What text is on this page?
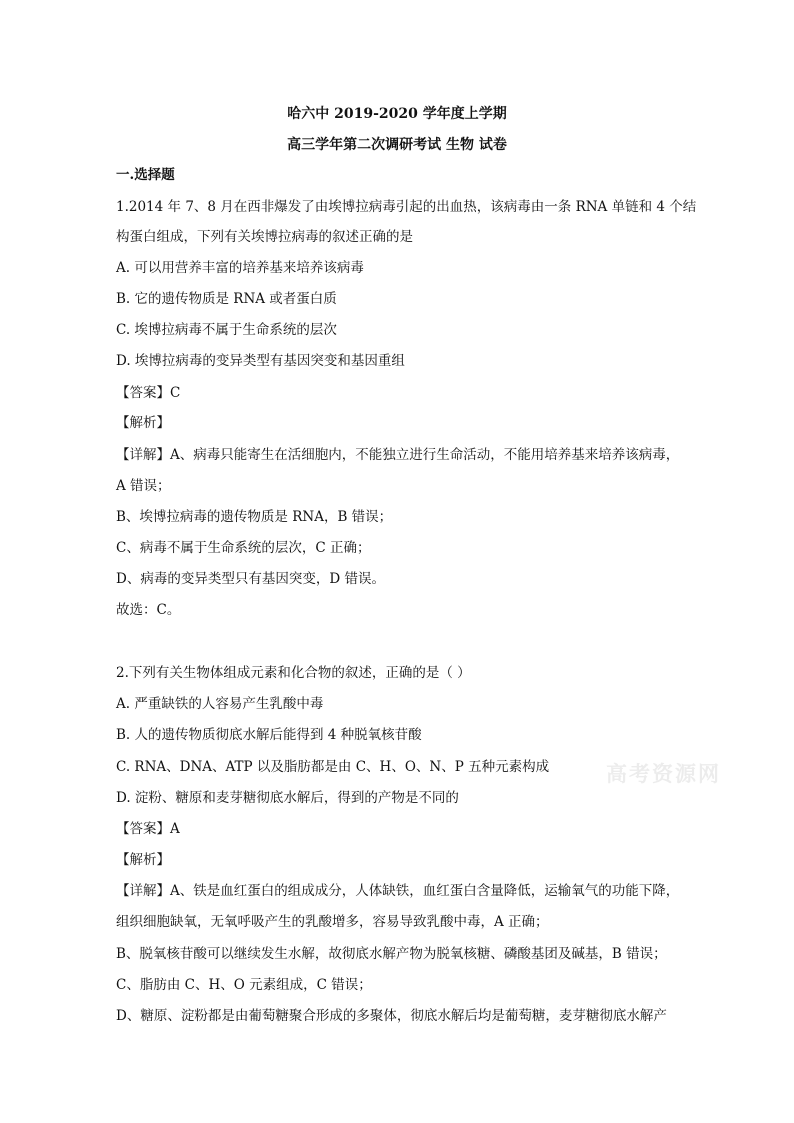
哈六中 2019-2020 学年度上学期
高三学年第二次调研考试 生物 试卷
一.选择题
1.2014 年 7、8 月在西非爆发了由埃博拉病毒引起的出血热，该病毒由一条 RNA 单链和 4 个结
构蛋白组成，下列有关埃博拉病毒的叙述正确的是
A. 可以用营养丰富的培养基来培养该病毒
B. 它的遗传物质是 RNA 或者蛋白质
C. 埃博拉病毒不属于生命系统的层次
D. 埃博拉病毒的变异类型有基因突变和基因重组
【答案】C
【解析】
【详解】A、病毒只能寄生在活细胞内，不能独立进行生命活动，不能用培养基来培养该病毒，
A 错误；
B、埃博拉病毒的遗传物质是 RNA，B 错误；
C、病毒不属于生命系统的层次，C 正确；
D、病毒的变异类型只有基因突变，D 错误。
故选：C。
2.下列有关生物体组成元素和化合物的叙述，正确的是（ ）
A. 严重缺铁的人容易产生乳酸中毒
B. 人的遗传物质彻底水解后能得到 4 种脱氧核苷酸
C. RNA、DNA、ATP 以及脂肪都是由 C、H、O、N、P 五种元素构成
D. 淀粉、糖原和麦芽糖彻底水解后，得到的产物是不同的
【答案】A
【解析】
【详解】A、铁是血红蛋白的组成成分，人体缺铁，血红蛋白含量降低，运输氧气的功能下降，
组织细胞缺氧，无氧呼吸产生的乳酸增多，容易导致乳酸中毒，A 正确；
B、脱氧核苷酸可以继续发生水解，故彻底水解产物为脱氧核糖、磷酸基团及碱基，B 错误；
C、脂肪由 C、H、O 元素组成，C 错误；
D、糖原、淀粉都是由葡萄糖聚合形成的多聚体，彻底水解后均是葡萄糖，麦芽糖彻底水解产
高考资源网
